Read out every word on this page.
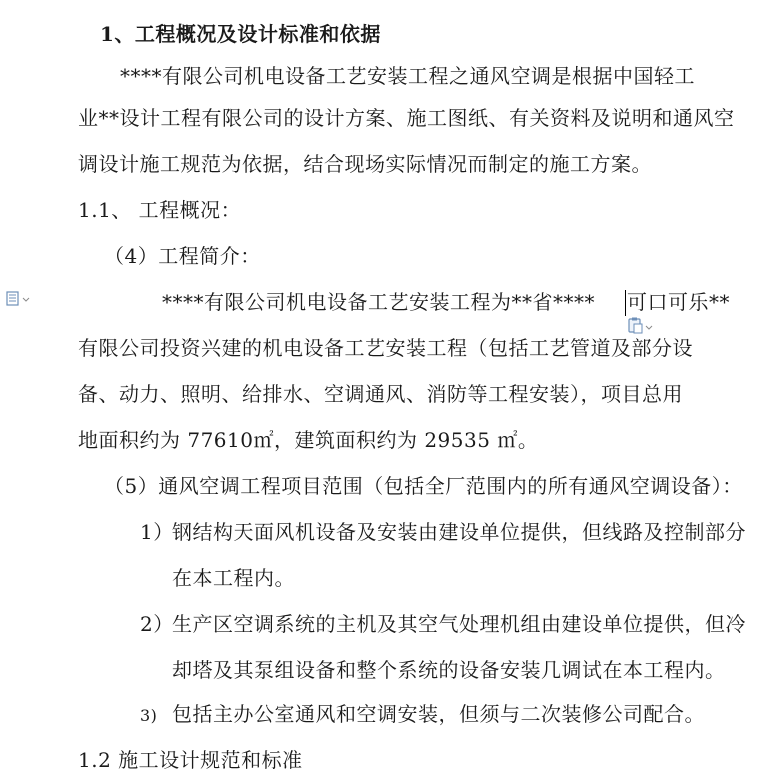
1、工程概况及设计标准和依据
****有限公司机电设备工艺安装工程之通风空调是根据中国轻工
业**设计工程有限公司的设计方案、施工图纸、有关资料及说明和通风空
调设计施工规范为依据，结合现场实际情况而制定的施工方案。
1.1、 工程概况：
（4）工程简介：
****有限公司机电设备工艺安装工程为**省**** 可口可乐**
有限公司投资兴建的机电设备工艺安装工程（包括工艺管道及部分设
备、动力、照明、给排水、空调通风、消防等工程安装），项目总用
地面积约为 77610㎡，建筑面积约为 29535 ㎡。
（5）通风空调工程项目范围（包括全厂范围内的所有通风空调设备）：
1）
钢结构天面风机设备及安装由建设单位提供，但线路及控制部分
在本工程内。
2）
生产区空调系统的主机及其空气处理机组由建设单位提供，但冷
却塔及其泵组设备和整个系统的设备安装几调试在本工程内。
3) 包括主办公室通风和空调安装，但须与二次装修公司配合。
1.2 施工设计规范和标准
